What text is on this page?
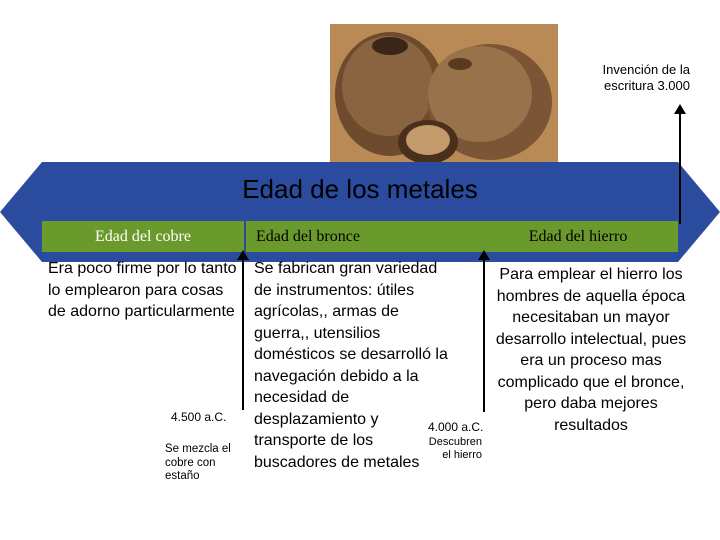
Edad de los metales
Edad del cobre	Edad del bronce	Edad del hierro
Invención de la escritura 3.000
Era poco firme por lo tanto lo emplearon para cosas de adorno particularmente
4.500 a.C.
Se mezcla el cobre con estaño
Se fabrican gran variedad de instrumentos: útiles agrícolas,, armas de guerra,, utensilios domésticos se desarrolló la navegación debido a la necesidad de desplazamiento y transporte de los buscadores de metales
4.000 a.C.
Descubren el hierro
Para emplear el hierro los hombres de aquella época necesitaban un mayor desarrollo intelectual, pues era un proceso mas complicado que el bronce, pero daba mejores resultados
